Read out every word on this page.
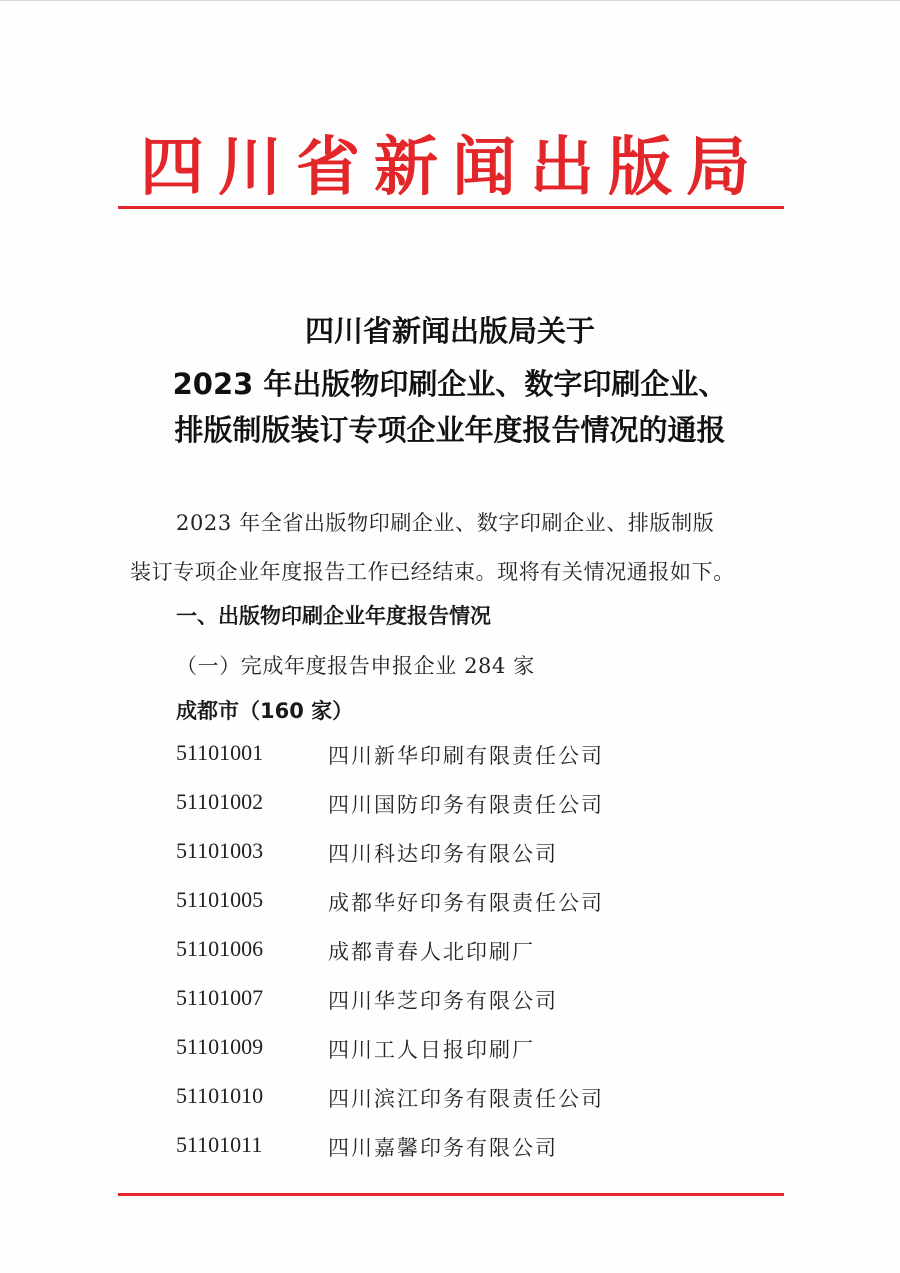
四川省新闻出版局
四川省新闻出版局关于
2023 年出版物印刷企业、数字印刷企业、
排版制版装订专项企业年度报告情况的通报
2023 年全省出版物印刷企业、数字印刷企业、排版制版
装订专项企业年度报告工作已经结束。现将有关情况通报如下。
一、出版物印刷企业年度报告情况
（一）完成年度报告申报企业 284 家
成都市（160 家）
51101001	四川新华印刷有限责任公司
51101002	四川国防印务有限责任公司
51101003	四川科达印务有限公司
51101005	成都华好印务有限责任公司
51101006	成都青春人北印刷厂
51101007	四川华芝印务有限公司
51101009	四川工人日报印刷厂
51101010	四川滨江印务有限责任公司
51101011	四川嘉馨印务有限公司
